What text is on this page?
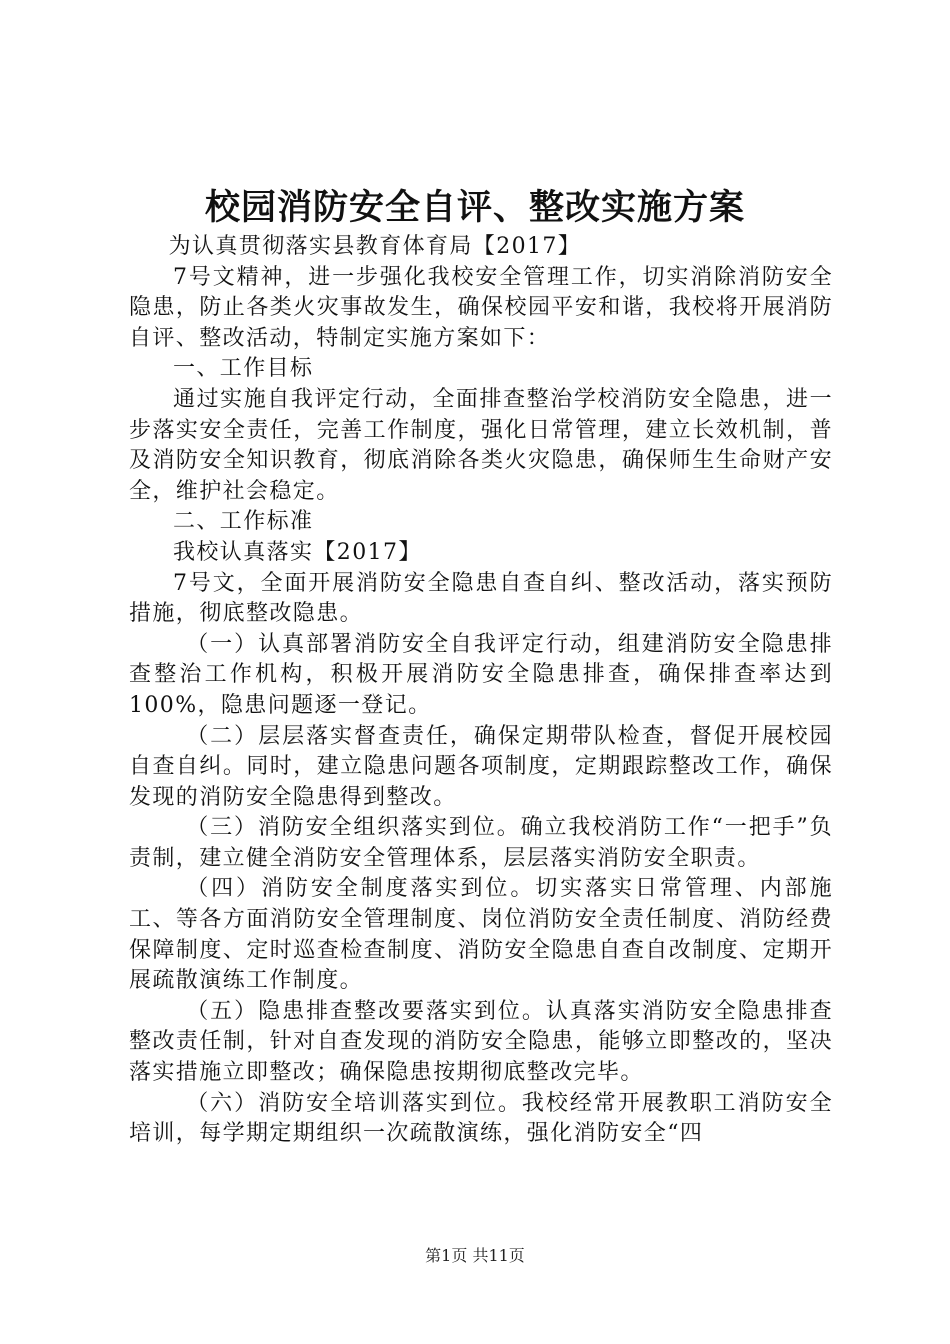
校园消防安全自评、整改实施方案

为认真贯彻落实县教育体育局【2017】

7号文精神，进一步强化我校安全管理工作，切实消除消防安全隐患，防止各类火灾事故发生，确保校园平安和谐，我校将开展消防自评、整改活动，特制定实施方案如下：

一、工作目标

通过实施自我评定行动，全面排查整治学校消防安全隐患，进一步落实安全责任，完善工作制度，强化日常管理，建立长效机制，普及消防安全知识教育，彻底消除各类火灾隐患，确保师生生命财产安全，维护社会稳定。

二、工作标准

我校认真落实【2017】

7号文，全面开展消防安全隐患自查自纠、整改活动，落实预防措施，彻底整改隐患。

（一）认真部署消防安全自我评定行动，组建消防安全隐患排查整治工作机构，积极开展消防安全隐患排查，确保排查率达到100%，隐患问题逐一登记。

（二）层层落实督查责任，确保定期带队检查，督促开展校园自查自纠。同时，建立隐患问题各项制度，定期跟踪整改工作，确保发现的消防安全隐患得到整改。

（三）消防安全组织落实到位。确立我校消防工作“一把手”负责制，建立健全消防安全管理体系，层层落实消防安全职责。

（四）消防安全制度落实到位。切实落实日常管理、内部施工、等各方面消防安全管理制度、岗位消防安全责任制度、消防经费保障制度、定时巡查检查制度、消防安全隐患自查自改制度、定期开展疏散演练工作制度。

（五）隐患排查整改要落实到位。认真落实消防安全隐患排查整改责任制，针对自查发现的消防安全隐患，能够立即整改的，坚决落实措施立即整改；确保隐患按期彻底整改完毕。

（六）消防安全培训落实到位。我校经常开展教职工消防安全培训，每学期定期组织一次疏散演练，强化消防安全“四

第1页 共11页
